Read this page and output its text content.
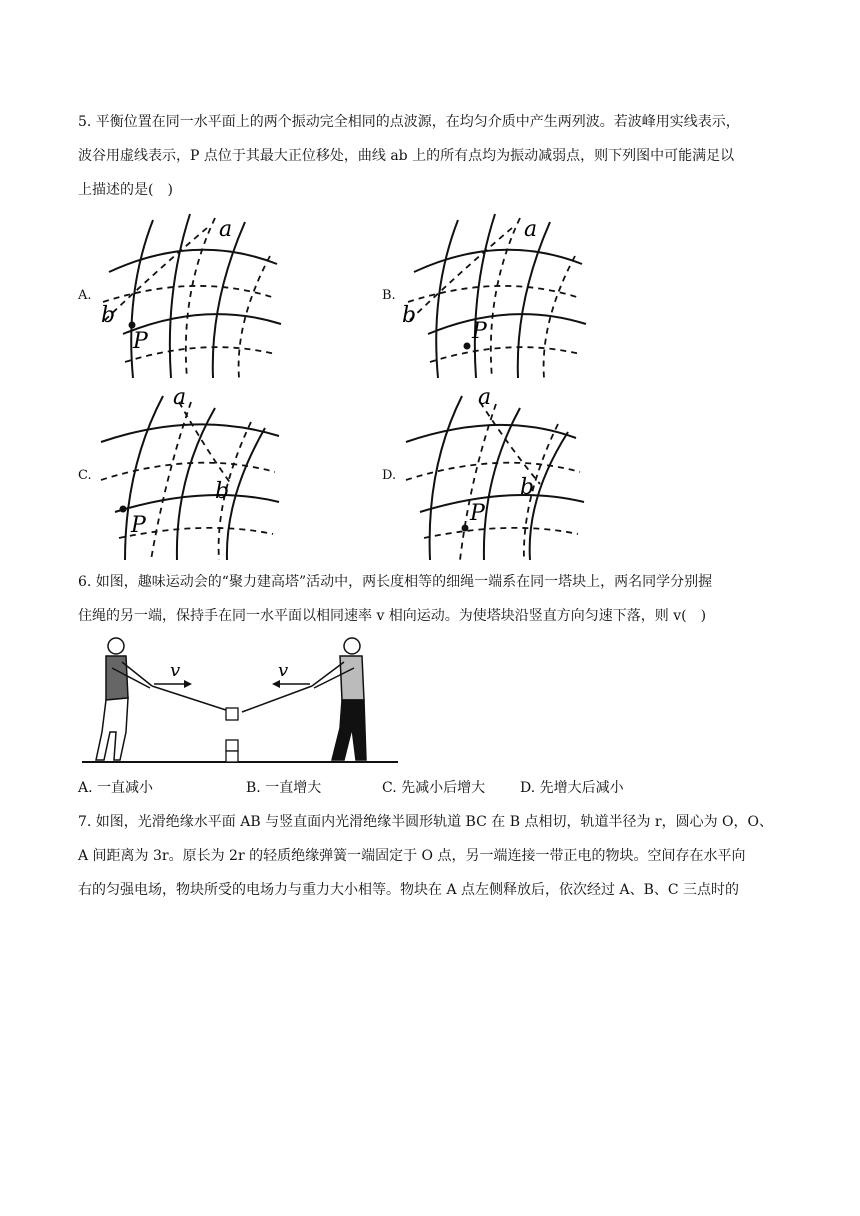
5. 平衡位置在同一水平面上的两个振动完全相同的点波源，在均匀介质中产生两列波。若波峰用实线表示，
波谷用虚线表示，P 点位于其最大正位移处，曲线 ab 上的所有点均为振动减弱点，则下列图中可能满足以
上描述的是(　)
A.	B.
C.	D.
a
b
P
a
b
P
a
b
P
a
b
P
6. 如图，趣味运动会的“聚力建高塔”活动中，两长度相等的细绳一端系在同一塔块上，两名同学分别握
住绳的另一端，保持手在同一水平面以相同速率 v 相向运动。为使塔块沿竖直方向匀速下落，则 v(　)
v	v
A. 一直减小	B. 一直增大	C. 先减小后增大 D. 先增大后减小
7. 如图，光滑绝缘水平面 AB 与竖直面内光滑绝缘半圆形轨道 BC 在 B 点相切，轨道半径为 r，圆心为 O，O、
A 间距离为 3r。原长为 2r 的轻质绝缘弹簧一端固定于 O 点，另一端连接一带正电的物块。空间存在水平向
右的匀强电场，物块所受的电场力与重力大小相等。物块在 A 点左侧释放后，依次经过 A、B、C 三点时的
